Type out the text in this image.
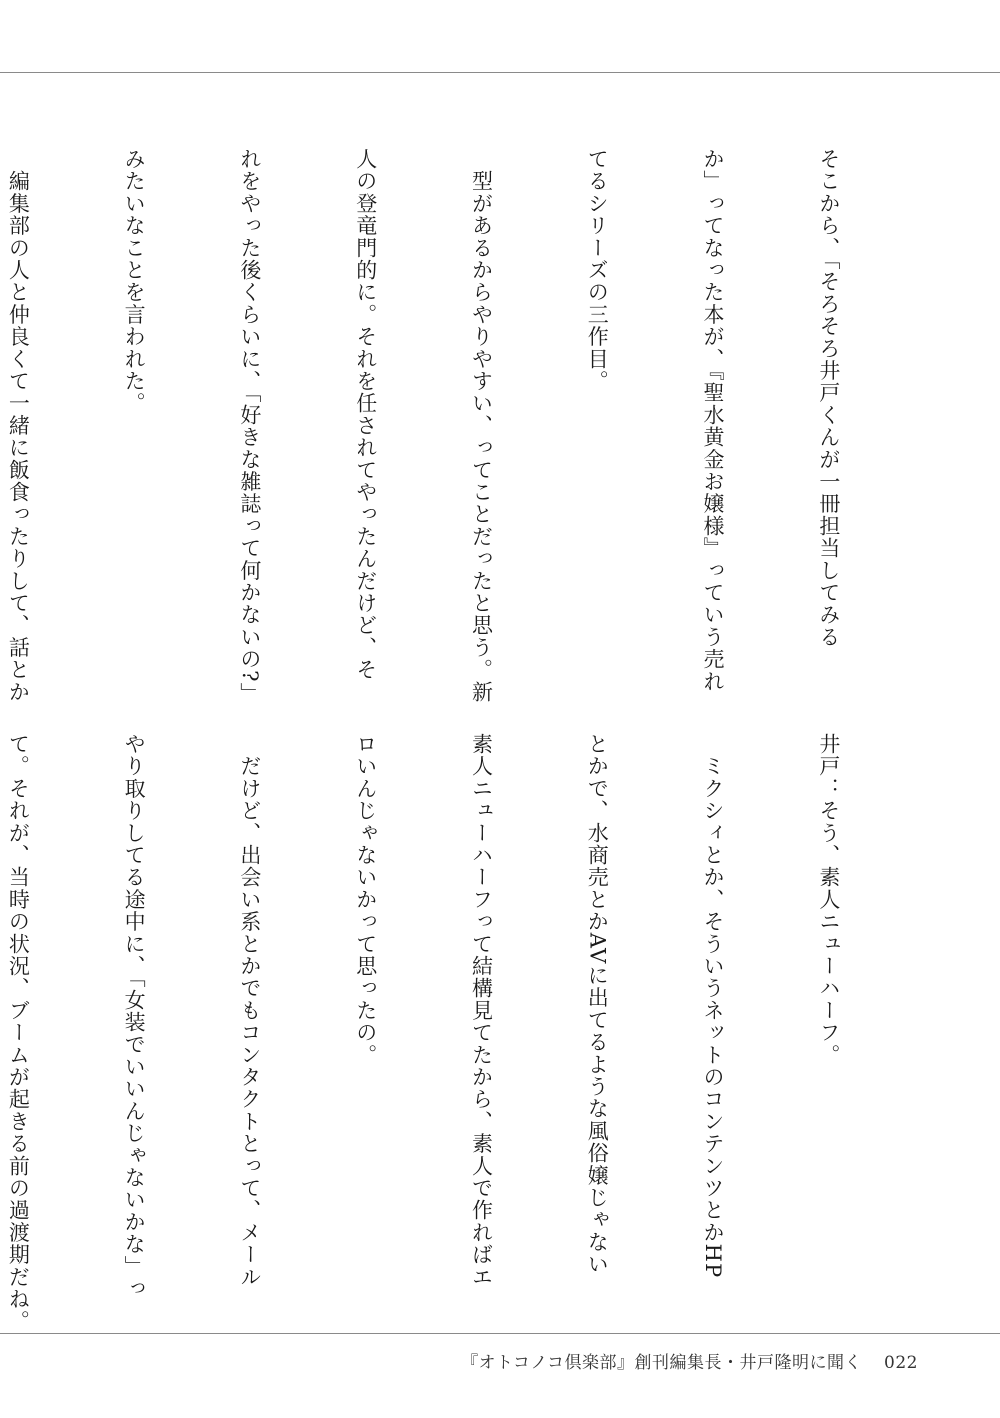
そこから、「そろそろ井戸くんが一冊担当してみる

か」ってなった本が、『聖水黄金お嬢様』っていう売れ

てるシリーズの三作目。

　型があるからやりやすい、ってことだったと思う。新

人の登竜門的に。それを任されてやったんだけど、そ

れをやった後くらいに、「好きな雑誌って何かないの?」

みたいなことを言われた。

　編集部の人と仲良くて一緒に飯食ったりして、話とか

井戸：そう、素人ニューハーフ。

　ミクシィとか、そういうネットのコンテンツとかHP

とかで、水商売とかAVに出てるような風俗嬢じゃない

素人ニューハーフって結構見てたから、素人で作ればエ

ロいんじゃないかって思ったの。

　だけど、出会い系とかでもコンタクトとって、メール

やり取りしてる途中に、「女装でいいんじゃないかな」っ

て。それが、当時の状況、ブームが起きる前の過渡期だね。

『オトコノコ倶楽部』創刊編集長・井戸隆明に聞く 022
